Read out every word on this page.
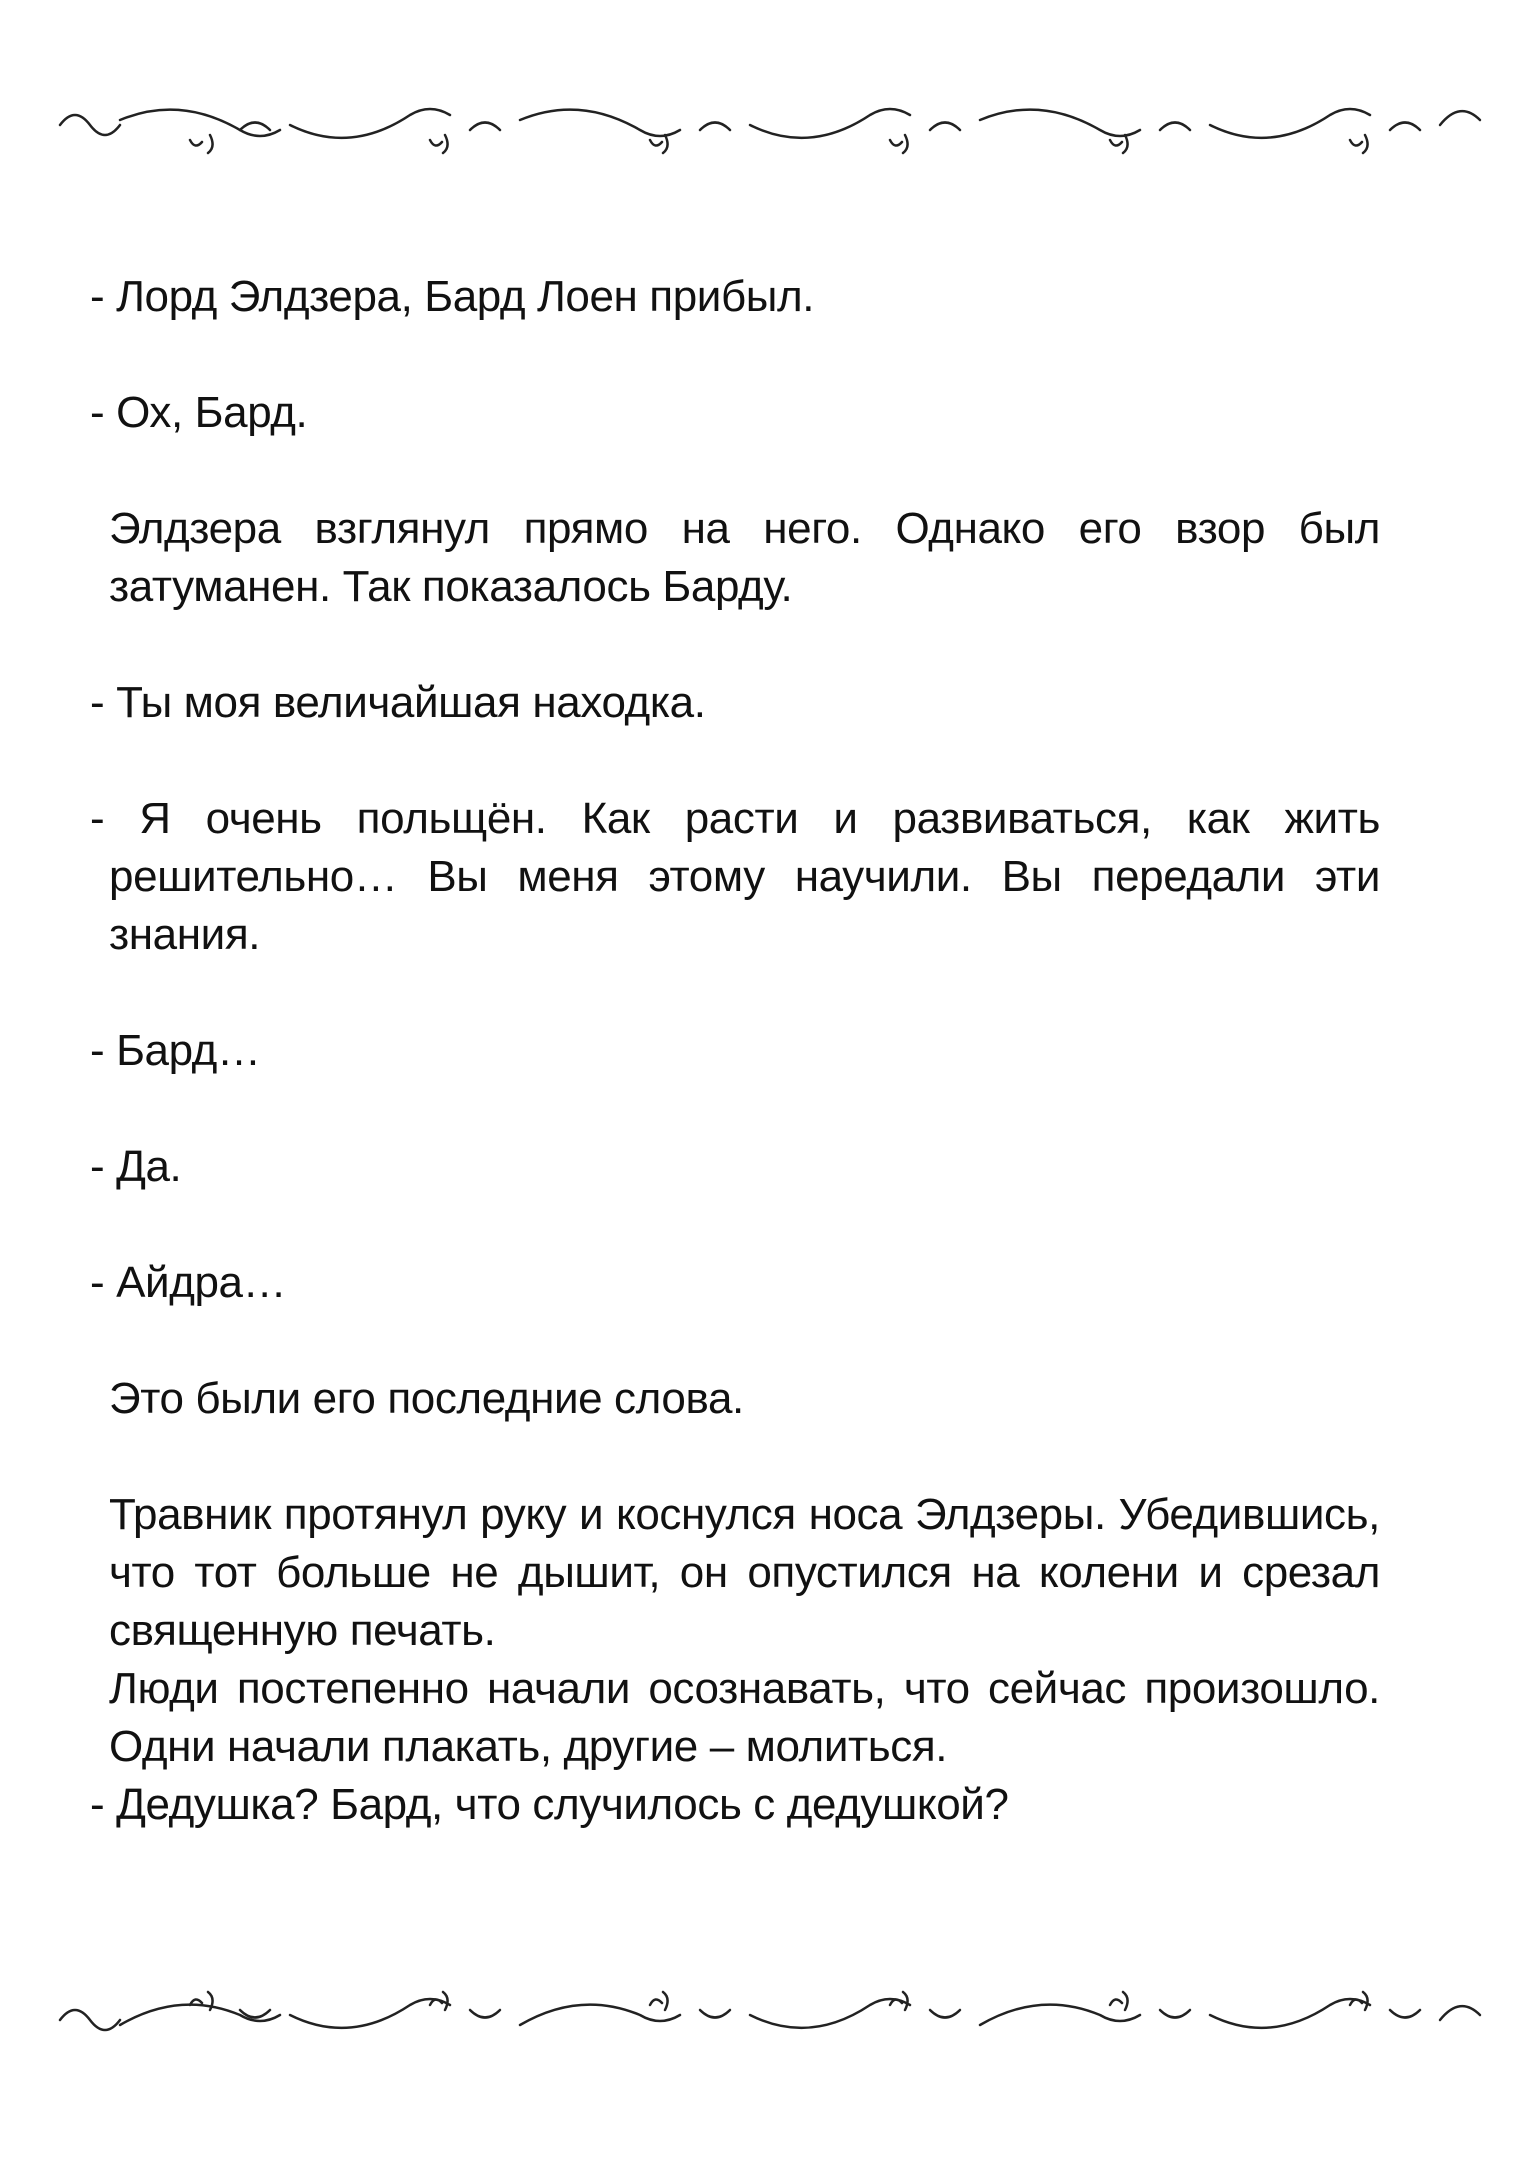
- Лорд Элдзера, Бард Лоен прибыл.

- Ох, Бард.

Элдзера взглянул прямо на него. Однако его взор был затуманен. Так показалось Барду.

- Ты моя величайшая находка.

- Я очень польщён. Как расти и развиваться, как жить решительно… Вы меня этому научили. Вы передали эти знания.

- Бард…

- Да.

- Айдра…

Это были его последние слова.

Травник протянул руку и коснулся носа Элдзеры. Убедившись, что тот больше не дышит, он опустился на колени и срезал священную печать.

Люди постепенно начали осознавать, что сейчас произошло. Одни начали плакать, другие – молиться.

- Дедушка? Бард, что случилось с дедушкой?
